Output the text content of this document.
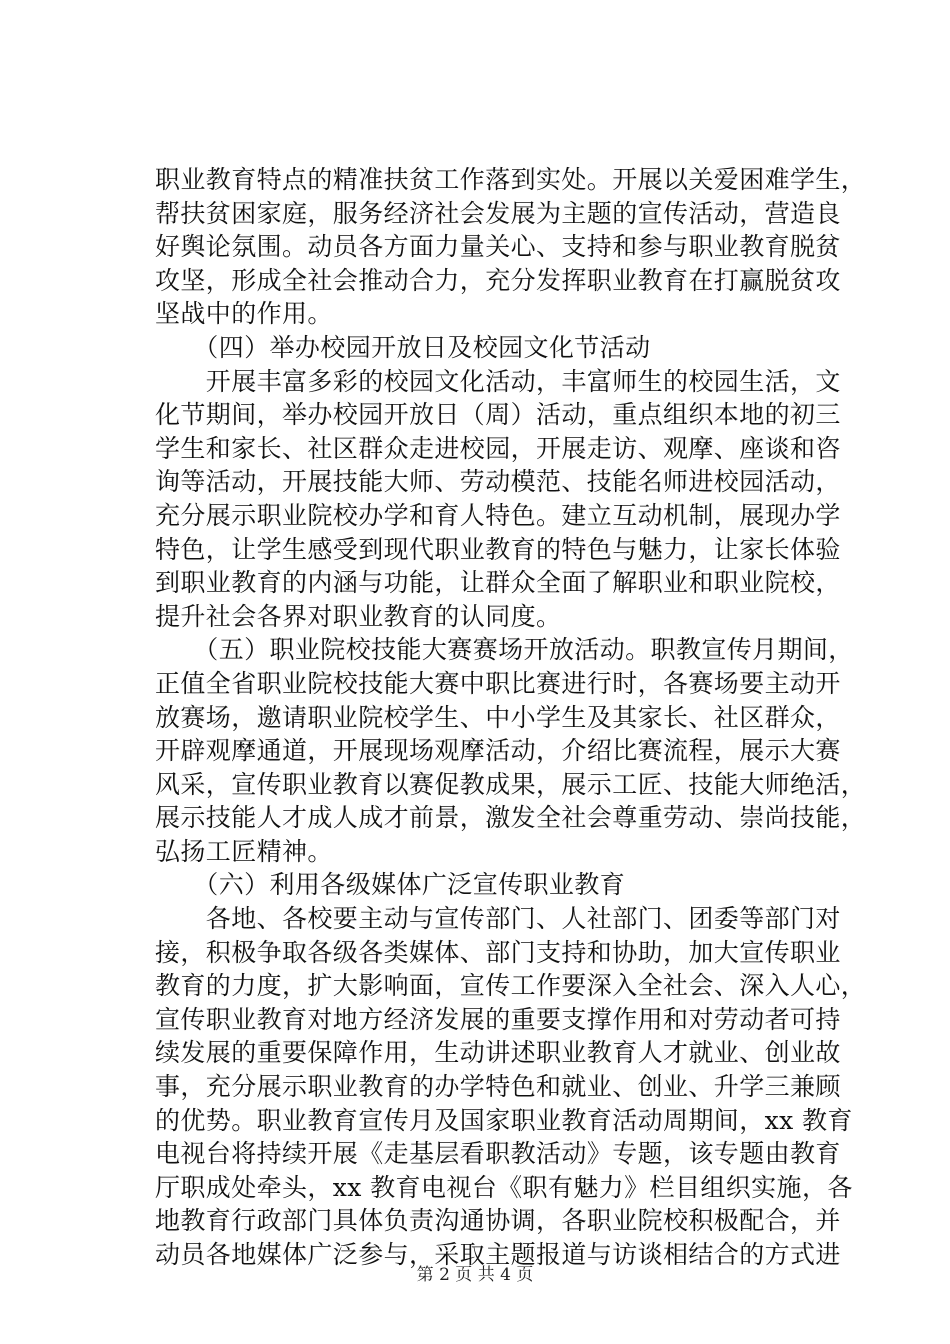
职业教育特点的精准扶贫工作落到实处。开展以关爱困难学生，
帮扶贫困家庭，服务经济社会发展为主题的宣传活动，营造良
好舆论氛围。动员各方面力量关心、支持和参与职业教育脱贫
攻坚，形成全社会推动合力，充分发挥职业教育在打赢脱贫攻
坚战中的作用。
　　（四）举办校园开放日及校园文化节活动
　　开展丰富多彩的校园文化活动，丰富师生的校园生活，文
化节期间，举办校园开放日（周）活动，重点组织本地的初三
学生和家长、社区群众走进校园，开展走访、观摩、座谈和咨
询等活动，开展技能大师、劳动模范、技能名师进校园活动，
充分展示职业院校办学和育人特色。建立互动机制，展现办学
特色，让学生感受到现代职业教育的特色与魅力，让家长体验
到职业教育的内涵与功能，让群众全面了解职业和职业院校，
提升社会各界对职业教育的认同度。
　　（五）职业院校技能大赛赛场开放活动。职教宣传月期间，
正值全省职业院校技能大赛中职比赛进行时，各赛场要主动开
放赛场，邀请职业院校学生、中小学生及其家长、社区群众，
开辟观摩通道，开展现场观摩活动，介绍比赛流程，展示大赛
风采，宣传职业教育以赛促教成果，展示工匠、技能大师绝活，
展示技能人才成人成才前景，激发全社会尊重劳动、崇尚技能，
弘扬工匠精神。
　　（六）利用各级媒体广泛宣传职业教育
　　各地、各校要主动与宣传部门、人社部门、团委等部门对
接，积极争取各级各类媒体、部门支持和协助，加大宣传职业
教育的力度，扩大影响面，宣传工作要深入全社会、深入人心，
宣传职业教育对地方经济发展的重要支撑作用和对劳动者可持
续发展的重要保障作用，生动讲述职业教育人才就业、创业故
事，充分展示职业教育的办学特色和就业、创业、升学三兼顾
的优势。职业教育宣传月及国家职业教育活动周期间，xx 教育
电视台将持续开展《走基层看职教活动》专题，该专题由教育
厅职成处牵头，xx 教育电视台《职有魅力》栏目组织实施，各
地教育行政部门具体负责沟通协调，各职业院校积极配合，并
动员各地媒体广泛参与，采取主题报道与访谈相结合的方式进
第 2 页 共 4 页
